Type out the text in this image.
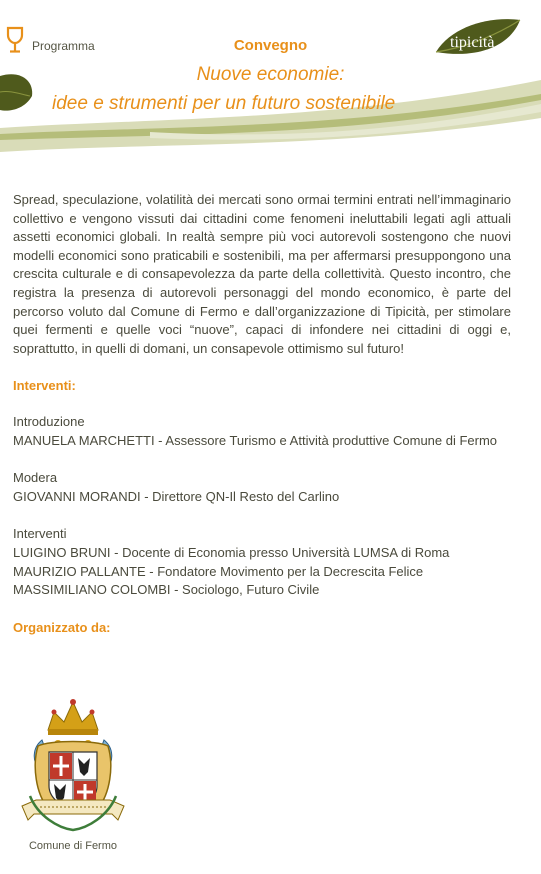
Programma	Convegno
Nuove economie:
idee e strumenti per un futuro sostenibile
tipicità

Spread, speculazione, volatilità dei mercati sono ormai termini entrati nell’immaginario collettivo e vengono vissuti dai cittadini come fenomeni ineluttabili legati agli attuali assetti economici globali. In realtà sempre più voci autorevoli sostengono che nuovi modelli economici sono praticabili e sostenibili, ma per affermarsi presuppongono una crescita culturale e di consapevolezza da parte della collettività. Questo incontro, che registra la presenza di autorevoli personaggi del mondo economico, è parte del percorso voluto dal Comune di Fermo e dall’organizzazione di Tipicità, per stimolare quei fermenti e quelle voci “nuove”, capaci di infondere nei cittadini di oggi e, soprattutto, in quelli di domani, un consapevole ottimismo sul futuro!

Interventi:

Introduzione

MANUELA MARCHETTI - Assessore Turismo e Attività produttive Comune di Fermo

Modera

GIOVANNI MORANDI - Direttore QN-Il Resto del Carlino

Interventi

LUIGINO BRUNI - Docente di Economia presso Università LUMSA di Roma

MAURIZIO PALLANTE - Fondatore Movimento per la Decrescita Felice

MASSIMILIANO COLOMBI - Sociologo, Futuro Civile

Organizzato da:

Comune di Fermo
